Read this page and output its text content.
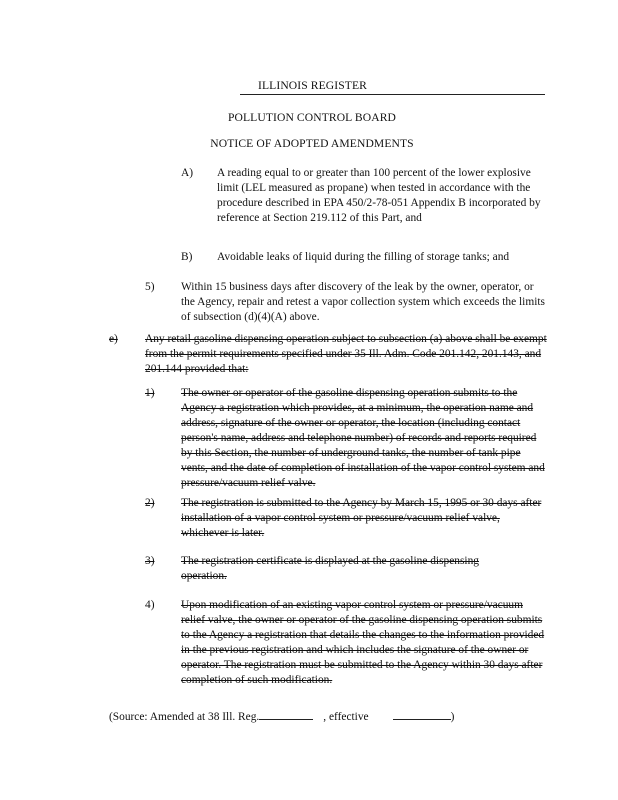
ILLINOIS REGISTER
POLLUTION CONTROL BOARD
NOTICE OF ADOPTED AMENDMENTS
A) A reading equal to or greater than 100 percent of the lower explosive limit (LEL measured as propane) when tested in accordance with the procedure described in EPA 450/2-78-051 Appendix B incorporated by reference at Section 219.112 of this Part, and
B) Avoidable leaks of liquid during the filling of storage tanks; and
5) Within 15 business days after discovery of the leak by the owner, operator, or the Agency, repair and retest a vapor collection system which exceeds the limits of subsection (d)(4)(A) above.
e) Any retail gasoline dispensing operation subject to subsection (a) above shall be exempt from the permit requirements specified under 35 Ill. Adm. Code 201.142, 201.143, and 201.144 provided that:
1) The owner or operator of the gasoline dispensing operation submits to the Agency a registration which provides, at a minimum, the operation name and address, signature of the owner or operator, the location (including contact person's name, address and telephone number) of records and reports required by this Section, the number of underground tanks, the number of tank pipe vents, and the date of completion of installation of the vapor control system and pressure/vacuum relief valve.
2) The registration is submitted to the Agency by March 15, 1995 or 30 days after installation of a vapor control system or pressure/vacuum relief valve, whichever is later.
3) The registration certificate is displayed at the gasoline dispensing operation.
4) Upon modification of an existing vapor control system or pressure/vacuum relief valve, the owner or operator of the gasoline dispensing operation submits to the Agency a registration that details the changes to the information provided in the previous registration and which includes the signature of the owner or operator. The registration must be submitted to the Agency within 30 days after completion of such modification.
(Source: Amended at 38 Ill. Reg.	, effective	)
